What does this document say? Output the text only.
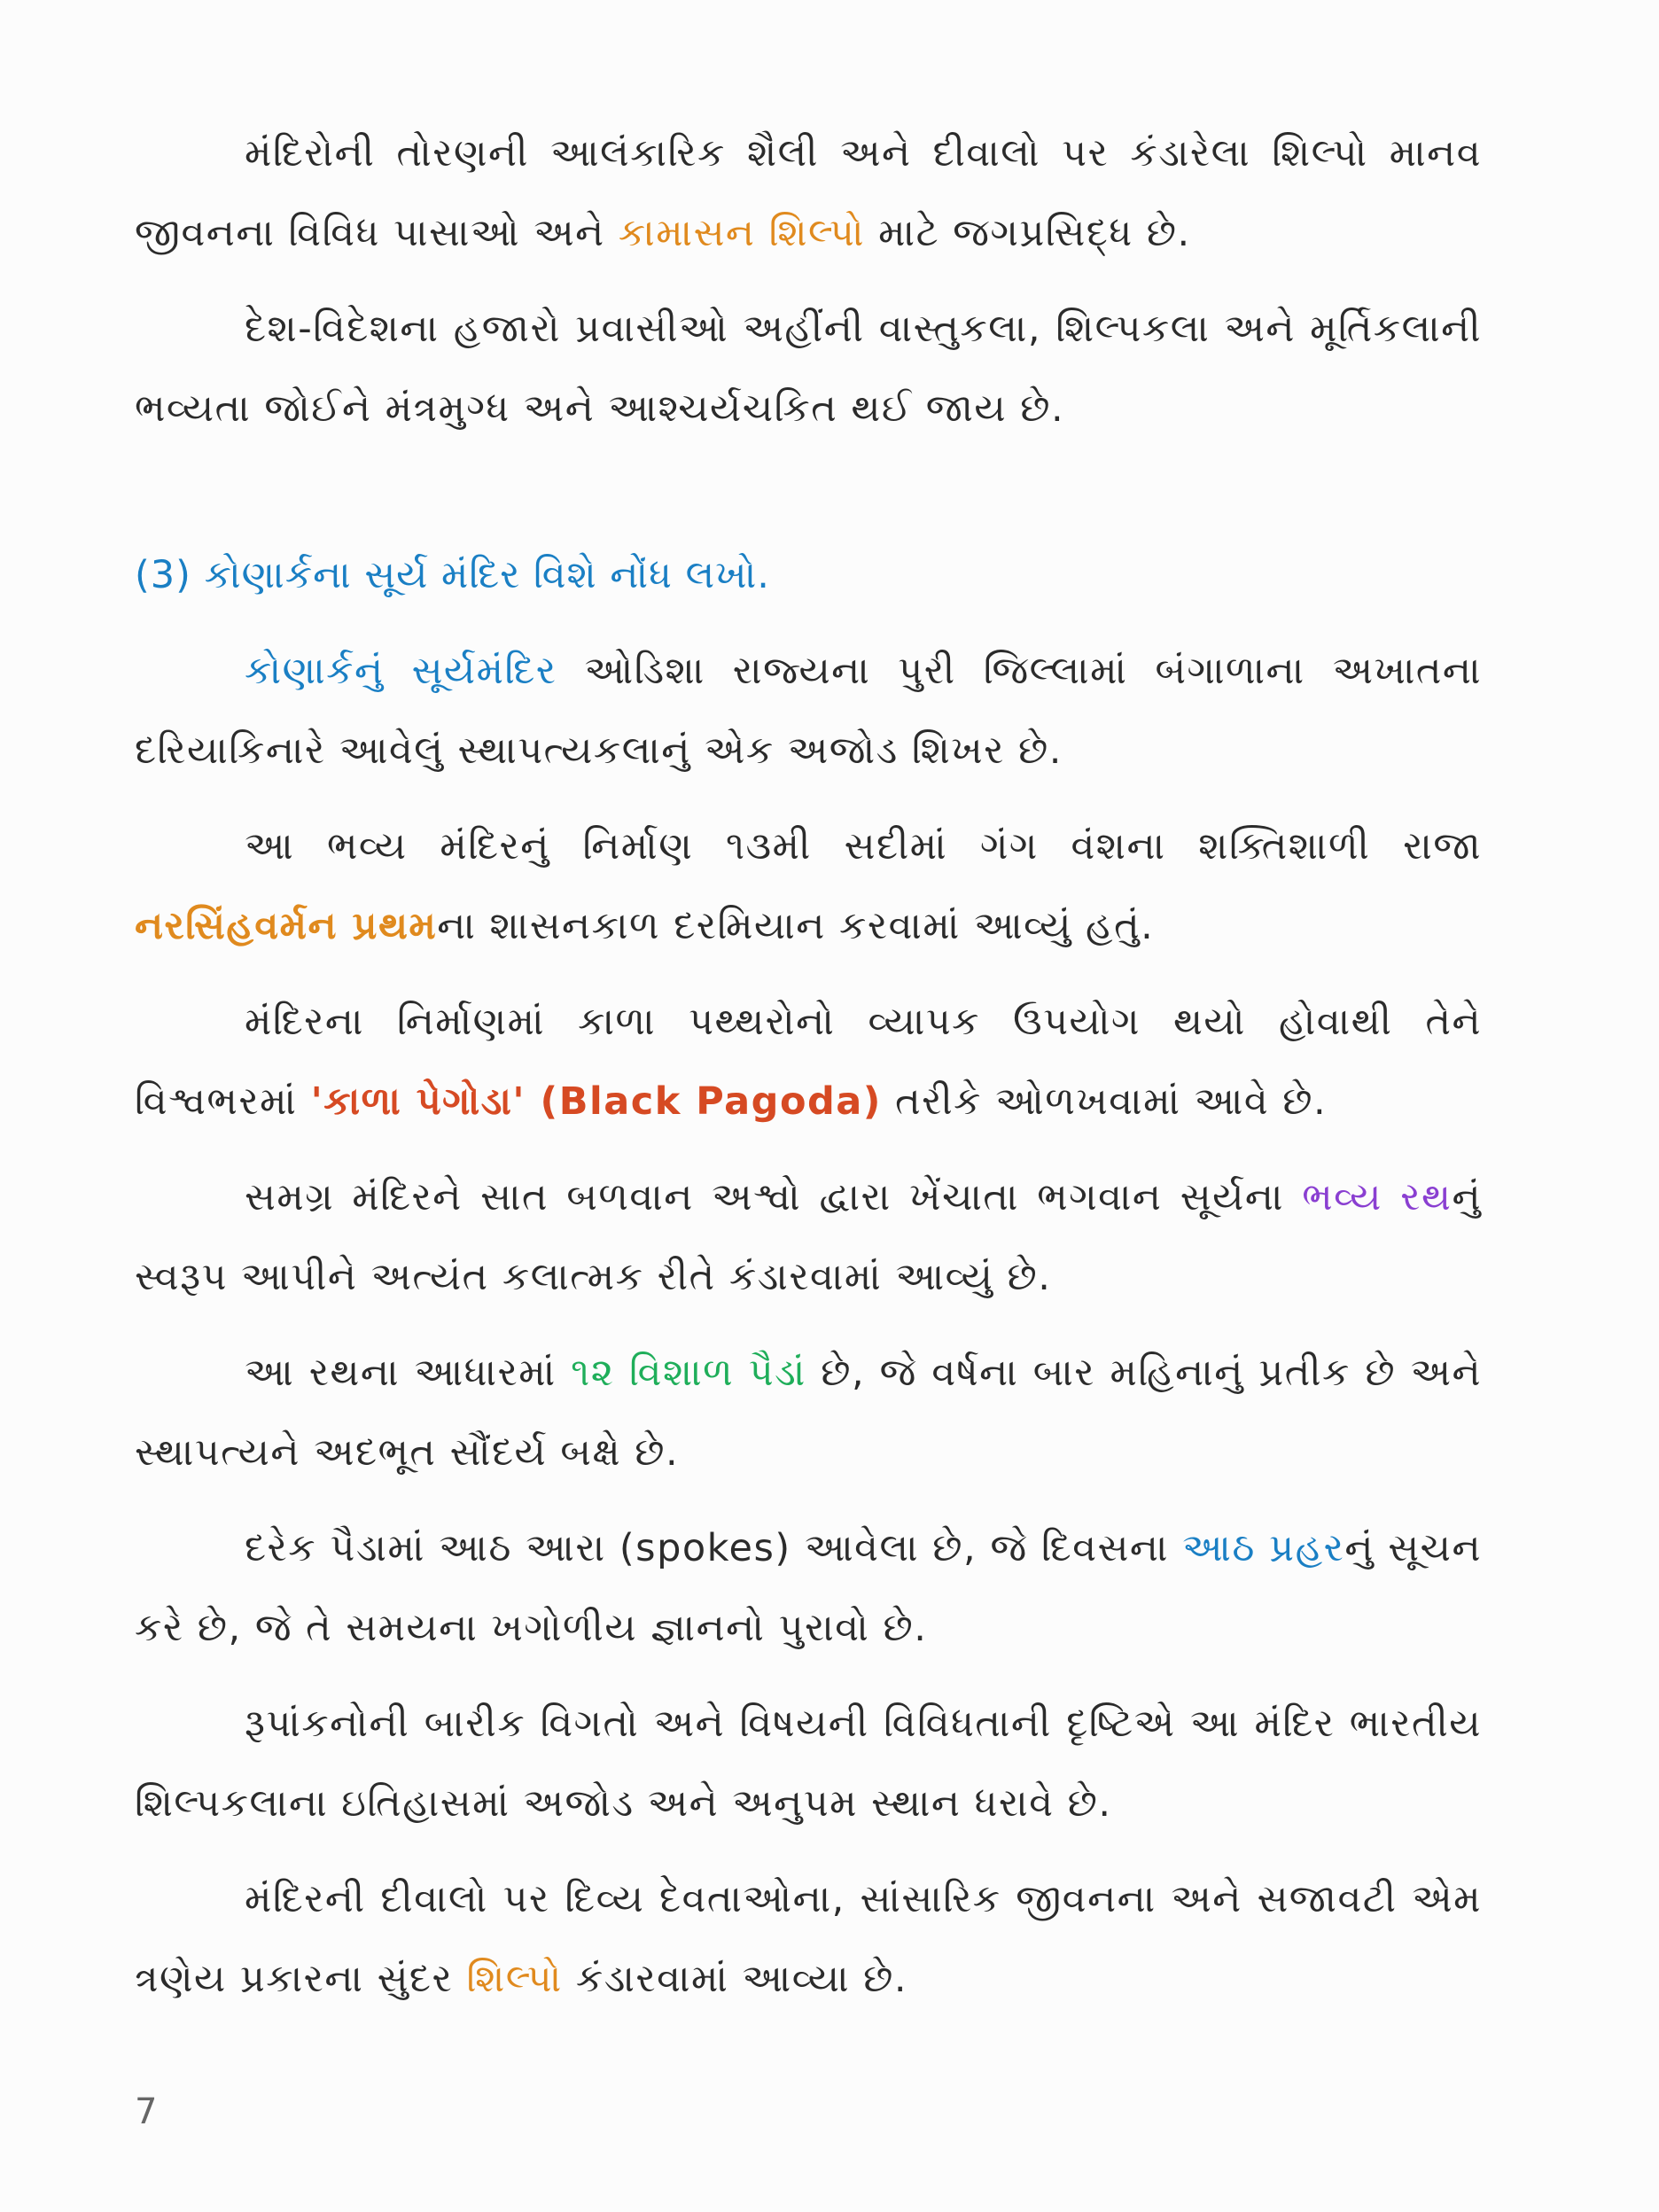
મંદિરોની તોરણની આલંકારિક શૈલી અને દીવાલો પર કંડારેલા શિલ્પો માનવ જીવનના વિવિધ પાસાઓ અને કામાસન શિલ્પો માટે જગપ્રસિદ્ધ છે.

દેશ-વિદેશના હજારો પ્રવાસીઓ અહીંની વાસ્તુકલા, શિલ્પકલા અને મૂર્તિકલાની ભવ્યતા જોઈને મંત્રમુગ્ધ અને આશ્ચર્યચકિત થઈ જાય છે.

(3) કોણાર્કના સૂર્ય મંદિર વિશે નોંધ લખો.

કોણાર્કનું સૂર્યમંદિર ઓડિશા રાજ્યના પુરી જિલ્લામાં બંગાળાના અખાતના દરિયાકિનારે આવેલું સ્થાપત્યકલાનું એક અજોડ શિખર છે.

આ ભવ્ય મંદિરનું નિર્માણ ૧૩મી સદીમાં ગંગ વંશના શક્તિશાળી રાજા નરસિંહવર્મન પ્રથમના શાસનકાળ દરમિયાન કરવામાં આવ્યું હતું.

મંદિરના નિર્માણમાં કાળા પથ્થરોનો વ્યાપક ઉપયોગ થયો હોવાથી તેને વિશ્વભરમાં 'કાળા પેગોડા' (Black Pagoda) તરીકે ઓળખવામાં આવે છે.

સમગ્ર મંદિરને સાત બળવાન અશ્વો દ્વારા ખેંચાતા ભગવાન સૂર્યના ભવ્ય રથનું સ્વરૂપ આપીને અત્યંત કલાત્મક રીતે કંડારવામાં આવ્યું છે.

આ રથના આધારમાં ૧૨ વિશાળ પૈડાં છે, જે વર્ષના બાર મહિનાનું પ્રતીક છે અને સ્થાપત્યને અદભૂત સૌંદર્ય બક્ષે છે.

દરેક પૈડામાં આઠ આરા (spokes) આવેલા છે, જે દિવસના આઠ પ્રહરનું સૂચન કરે છે, જે તે સમયના ખગોળીય જ્ઞાનનો પુરાવો છે.

રૂપાંકનોની બારીક વિગતો અને વિષયની વિવિધતાની દૃષ્ટિએ આ મંદિર ભારતીય શિલ્પકલાના ઇતિહાસમાં અજોડ અને અનુપમ સ્થાન ધરાવે છે.

મંદિરની દીવાલો પર દિવ્ય દેવતાઓના, સાંસારિક જીવનના અને સજાવટી એમ ત્રણેય પ્રકારના સુંદર શિલ્પો કંડારવામાં આવ્યા છે.

7
